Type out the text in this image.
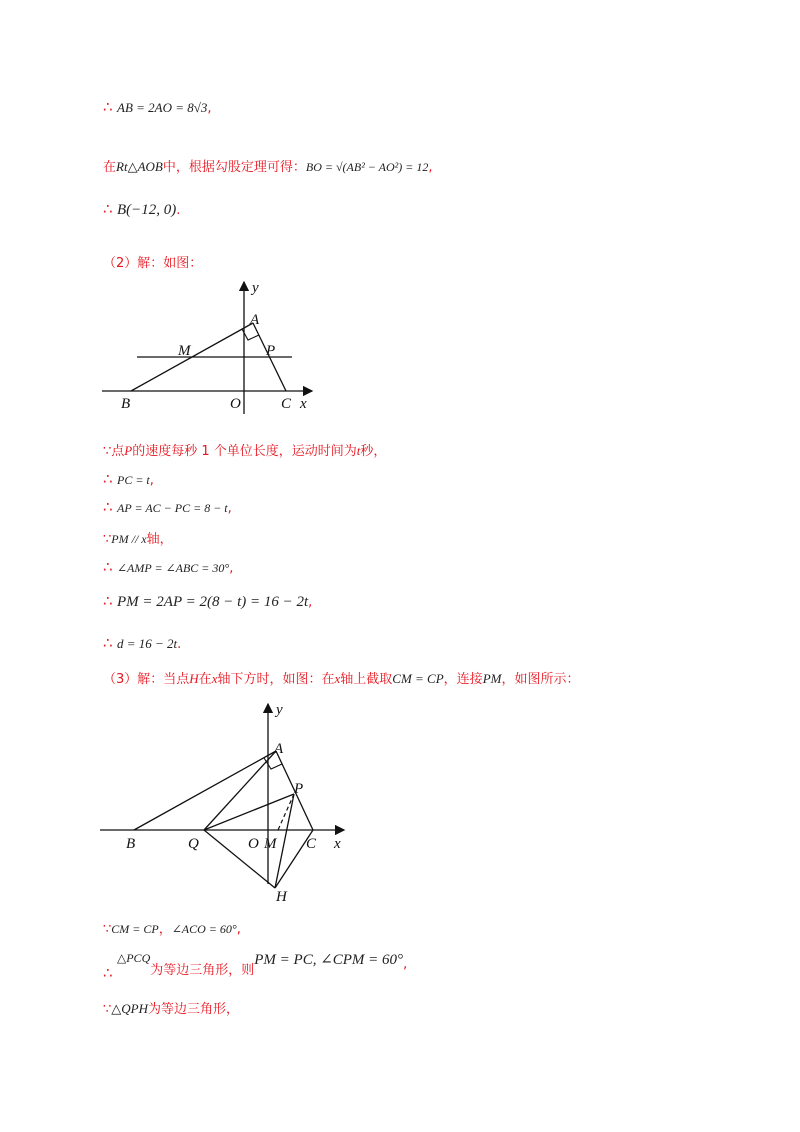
∴ AB = 2AO = 8√3,
在Rt△AOB中，根据勾股定理可得：BO = √(AB² − AO²) = 12,
∴ B(−12, 0).
（2）解：如图：
y
A
M	P
B	O	C x
∵点P的速度每秒 1 个单位长度，运动时间为t秒，
∴ PC = t,
∴ AP = AC − PC = 8 − t,
∵PM // x轴，
∴ ∠AMP = ∠ABC = 30°,
∴ PM = 2AP = 2(8 − t) = 16 − 2t,
∴ d = 16 − 2t.
（3）解：当点H在x轴下方时，如图：在x轴上截取CM = CP，连接PM，如图所示：
y
A
P
B	Q	O M C x
H
∵CM = CP，∠ACO = 60°,
∴△PCQ为等边三角形，则PM = PC, ∠CPM = 60°,
∵△QPH为等边三角形，
